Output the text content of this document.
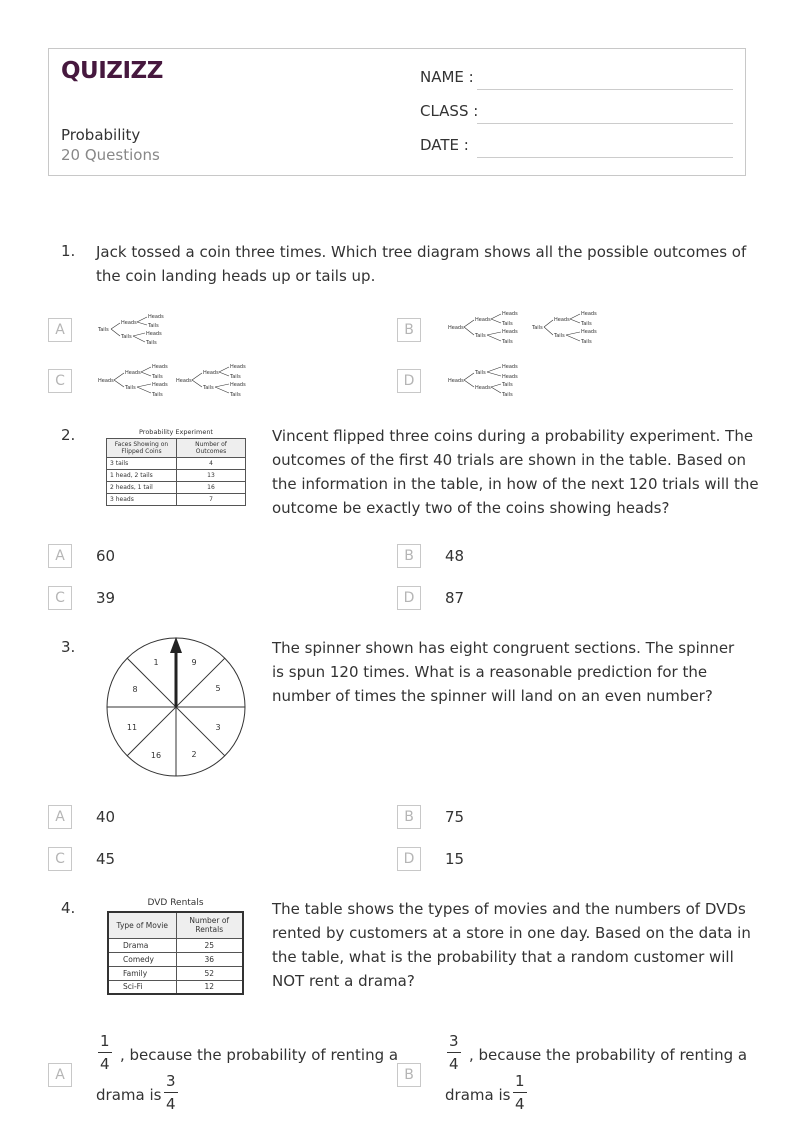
QUIZIZZ
Probability
20 Questions
NAME :
CLASS :
DATE :
1. Jack tossed a coin three times. Which tree diagram shows all the possible outcomes of
the coin landing heads up or tails up.
A	B
C	D
Tails
Heads
Tails
Heads
Tails
Heads
Tails
Heads
Heads
Tails
Heads
Tails
Heads
Tails
Tails
Heads
Tails
Heads
Tails
Heads
Tails
Heads
Heads
Tails
Heads
Tails
Heads
Tails
Heads
Heads
Tails
Heads
Tails
Heads
Tails
Heads
Tails
Heads
Heads
Heads
Tails
Tails
2.	Probability Experiment
Faces Showing on Flipped Coins	Number of Outcomes
3 tails	4
1 head, 2 tails	13
2 heads, 1 tail	16
3 heads	7
Vincent flipped three coins during a probability experiment. The
outcomes of the first 40 trials are shown in the table. Based on
the information in the table, in how of the next 120 trials will the
outcome be exactly two of the coins showing heads?
A	60	B	48
C	39	D	87
3.
9
5
3
2
16
11
8
1
The spinner shown has eight congruent sections. The spinner
is spun 120 times. What is a reasonable prediction for the
number of times the spinner will land on an even number?
A	40	B	75
C	45	D	15
4.	DVD Rentals
Type of Movie	Number of Rentals
Drama	25
Comedy	36
Family	52
Sci-Fi	12
The table shows the types of movies and the numbers of DVDs
rented by customers at a store in one day. Based on the data in
the table, what is the probability that a random customer will
NOT rent a drama?
A
$\frac{1}{4}$ , because the probability of renting a
drama is $\frac{3}{4}$	B
$\frac{3}{4}$ , because the probability of renting a
drama is $\frac{1}{4}$
